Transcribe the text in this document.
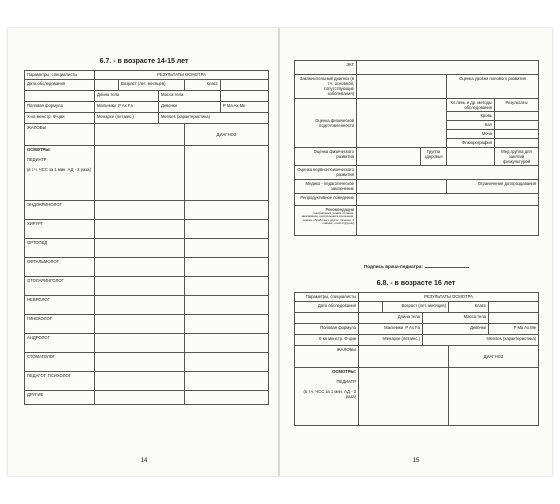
6.7. - в возрасте 14-15 лет
Параметры, специалисты	РЕЗУЛЬТАТЫ ОСМОТРА				
Дата обследования		Возраст (лет, месяцев)		Класс	
	Длина тела		Масса тела		
Половая формула	Мальчики P Ax Fa		Девочки		P Ma Ax Me
Х-ка менстр. Ф-ции	Менархе (лет,мес.)		Menses (характеристика)		
ЖАЛОБЫ				ДИАГНОЗ	

ОСМОТРЫ:

ПЕДИАТР

(в т.ч. ЧСС за 1 мин. АД - 3 раза)					

ЭНДОКРИНОЛОГ					
ХИРУРГ					
ОРТОПЕД					
ОФТАЛЬМОЛОГ					
ОТОЛАРИНГОЛОГ					
НЕВРОЛОГ					
ГИНЕКОЛОГ					
АНДРОЛОГ					
СТОМАТОЛОГ					
ПЕДАГОГ, ПСИХОЛОГ					
ДРУГИЕ					
14
ЭКГ				
Заключительный диагноз (в т.ч. основной, сопутствующие заболевания)			Оценка уровня полового развития	
Оценка физической подготовленности			Кл.пень и др. методы обследования	Результаты
			Кровь	
			Кал	
			Моча	
			Флюорография	
Оценка физического развития		Группа здоровья		Мед.группа для занятий физкультурой
Оценка нервно-психического развития				
Медико - педагогическое заключение			Ограничение дотороздавания	
Репродуктивное поведение				

Рекомендации
(направления, режим, питание, закаливание, контрольная в отношении, оценка, обработка и другое, лечение, 2 главных, отказ и другие)				

Подпись врача-педиатра:
6.8. - в возрасте 16 лет
Параметры, специалисты	РЕЗУЛЬТАТЫ ОСМОТРА				
Дата обследования		Возраст (лет, месяцев)		Класс	
	Длина тела		Масса тела		
Половая формула	Мальчики P Ax Fa		Девочки		P Ma Ax Me
Х-ка менстр. Ф-ции	Менархе (лет,мес.)		Menses (характеристика)		
ЖАЛОБЫ				ДИАГНОЗ	

ОСМОТРЫ:

ПЕДИАТР

(в т.ч. ЧСС за 1 мин. АД - 3 раза)					

15
